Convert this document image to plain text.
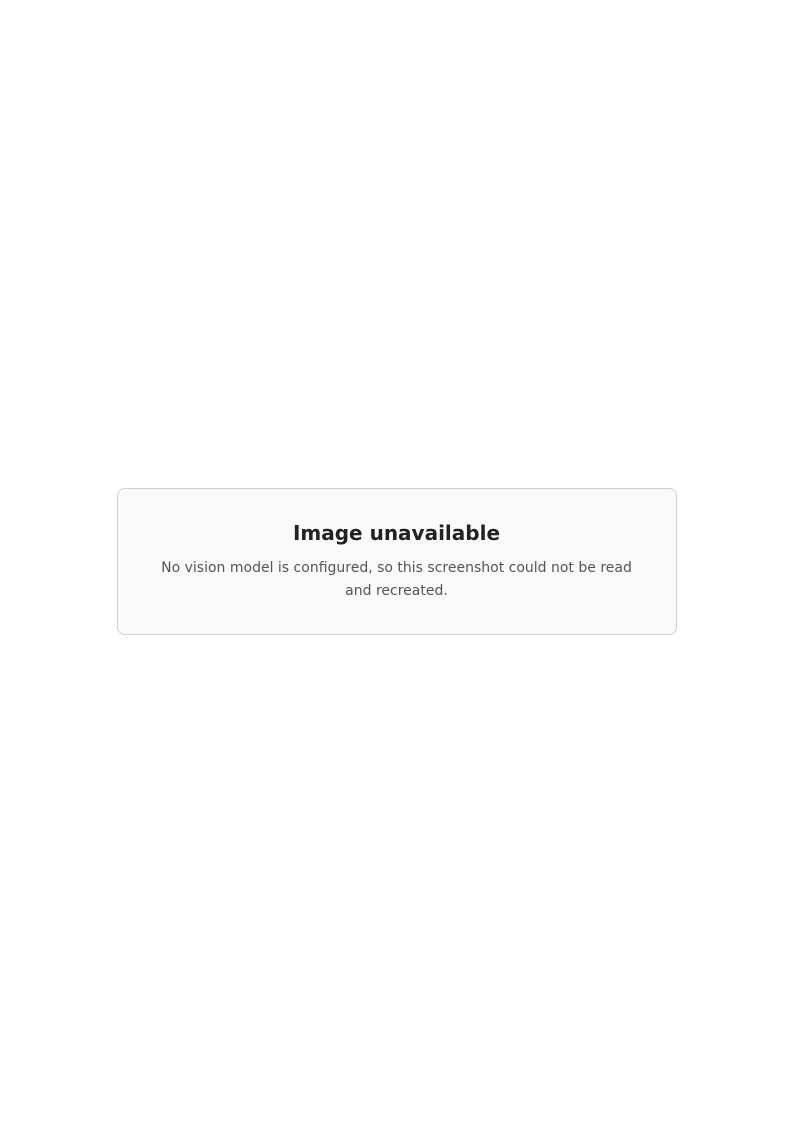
Image unavailable

No vision model is configured, so this screenshot could not be read and recreated.
